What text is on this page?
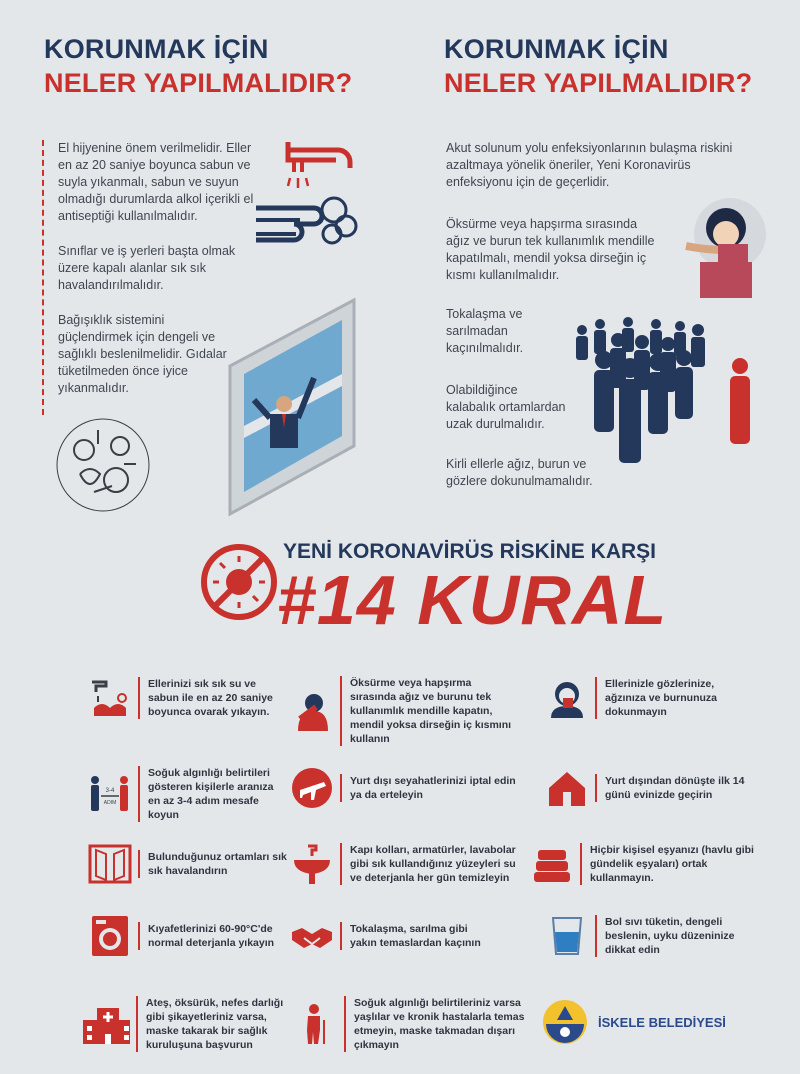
KORUNMAK İÇİN
NELER YAPILMALIDIR?

El hijyenine önem verilmelidir. Eller en az 20 saniye boyunca sabun ve suyla yıkanmalı, sabun ve suyun olmadığı durumlarda alkol içerikli el antiseptiği kullanılmalıdır.

Sınıflar ve iş yerleri başta olmak üzere kapalı alanlar sık sık havalandırılmalıdır.

Bağışıklık sistemini güçlendirmek için dengeli ve sağlıklı beslenilmelidir. Gıdalar tüketilmeden önce iyice yıkanmalıdır.

KORUNMAK İÇİN
NELER YAPILMALIDIR?

Akut solunum yolu enfeksiyonlarının bulaşma riskini azaltmaya yönelik öneriler, Yeni Koronavirüs enfeksiyonu için de geçerlidir.

Öksürme veya hapşırma sırasında ağız ve burun tek kullanımlık mendille kapatılmalı, mendil yoksa dirseğin iç kısmı kullanılmalıdır.

Tokalaşma ve sarılmadan kaçınılmalıdır.

Olabildiğince kalabalık ortamlardan uzak durulmalıdır.

Kirli ellerle ağız, burun ve gözlere dokunulmamalıdır.

YENİ KORONAVİRÜS RİSKİNE KARŞI
#14 KURAL
Ellerinizi sık sık su ve sabun ile en az 20 saniye boyunca ovarak yıkayın.
Öksürme veya hapşırma sırasında ağız ve burunu tek kullanımlık mendille kapatın, mendil yoksa dirseğin iç kısmını kullanın
Ellerinizle gözlerinize, ağzınıza ve burnunuza dokunmayın
3-4
ADIM
Soğuk algınlığı belirtileri gösteren kişilerle aranıza en az 3-4 adım mesafe koyun
Yurt dışı seyahatlerinizi iptal edin ya da erteleyin
Yurt dışından dönüşte ilk 14 günü evinizde geçirin
Bulunduğunuz ortamları sık sık havalandırın
Kapı kolları, armatürler, lavabolar gibi sık kullandığınız yüzeyleri su ve deterjanla her gün temizleyin
Hiçbir kişisel eşyanızı (havlu gibi gündelik eşyaları) ortak kullanmayın.
Kıyafetlerinizi 60-90°C'de normal deterjanla yıkayın
Tokalaşma, sarılma gibi yakın temaslardan kaçının
Bol sıvı tüketin, dengeli beslenin, uyku düzeninize dikkat edin
Ateş, öksürük, nefes darlığı gibi şikayetleriniz varsa, maske takarak bir sağlık kuruluşuna başvurun
Soğuk algınlığı belirtileriniz varsa yaşlılar ve kronik hastalarla temas etmeyin, maske takmadan dışarı çıkmayın
İSKELE BELEDİYESİ
